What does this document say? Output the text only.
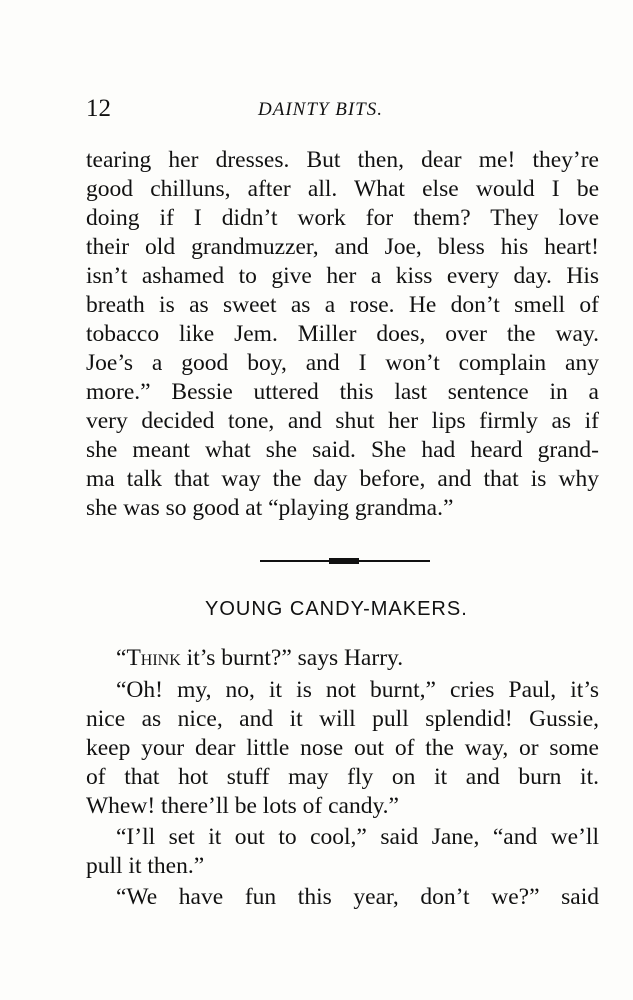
12	DAINTY BITS.
tearing her dresses. But then, dear me! they’re
good chilluns, after all. What else would I be
doing if I didn’t work for them? They love
their old grandmuzzer, and Joe, bless his heart!
isn’t ashamed to give her a kiss every day. His
breath is as sweet as a rose. He don’t smell of
tobacco like Jem. Miller does, over the way.
Joe’s a good boy, and I won’t complain any
more.” Bessie uttered this last sentence in a
very decided tone, and shut her lips firmly as if
she meant what she said. She had heard grand-
ma talk that way the day before, and that is why
she was so good at “playing grandma.”
YOUNG CANDY-MAKERS.
“Think it’s burnt?” says Harry.
“Oh! my, no, it is not burnt,” cries Paul, it’s
nice as nice, and it will pull splendid! Gussie,
keep your dear little nose out of the way, or some
of that hot stuff may fly on it and burn it.
Whew! there’ll be lots of candy.”
“I’ll set it out to cool,” said Jane, “and we’ll
pull it then.”
“We have fun this year, don’t we?” said
